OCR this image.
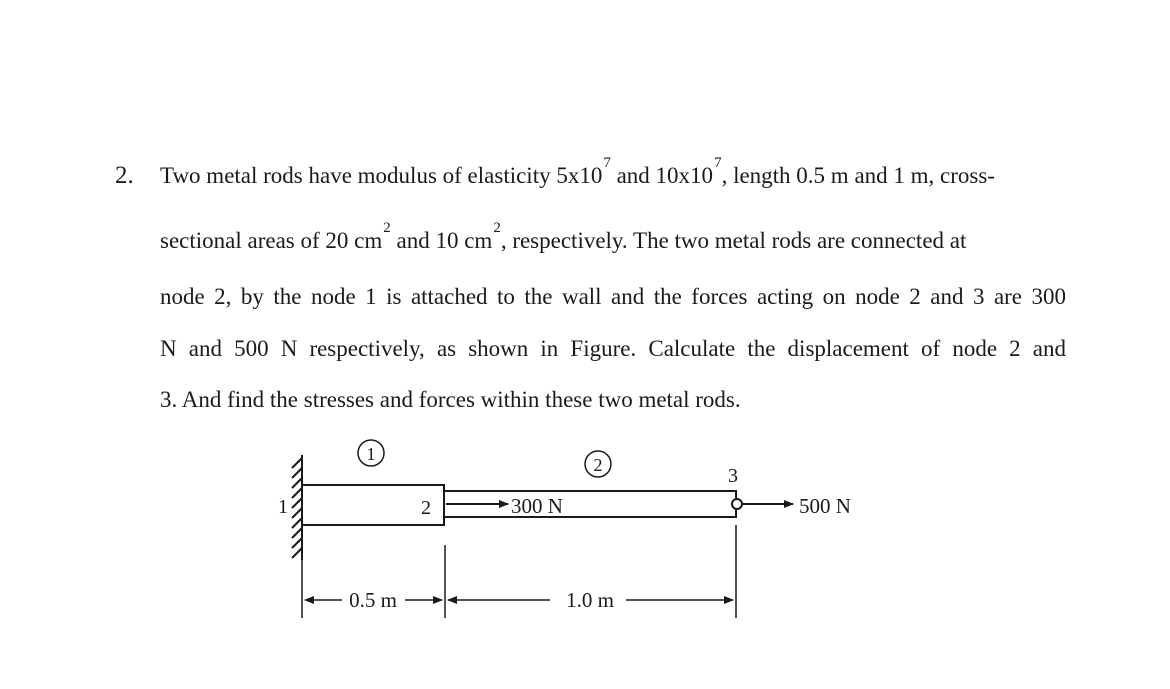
2. Two metal rods have modulus of elasticity $5x10^7$ and $10x10^7$, length 0.5 m and 1 m, cross-
sectional areas of 20 $cm^2$ and 10 $cm^2$, respectively. The two metal rods are connected at
node 2, by the node 1 is attached to the wall and the forces acting on node 2 and 3 are 300
N and 500 N respectively, as shown in Figure. Calculate the displacement of node 2 and
3. And find the stresses and forces within these two metal rods.
1
2
1	2
3
300 N	500 N
0.5 m	1.0 m
